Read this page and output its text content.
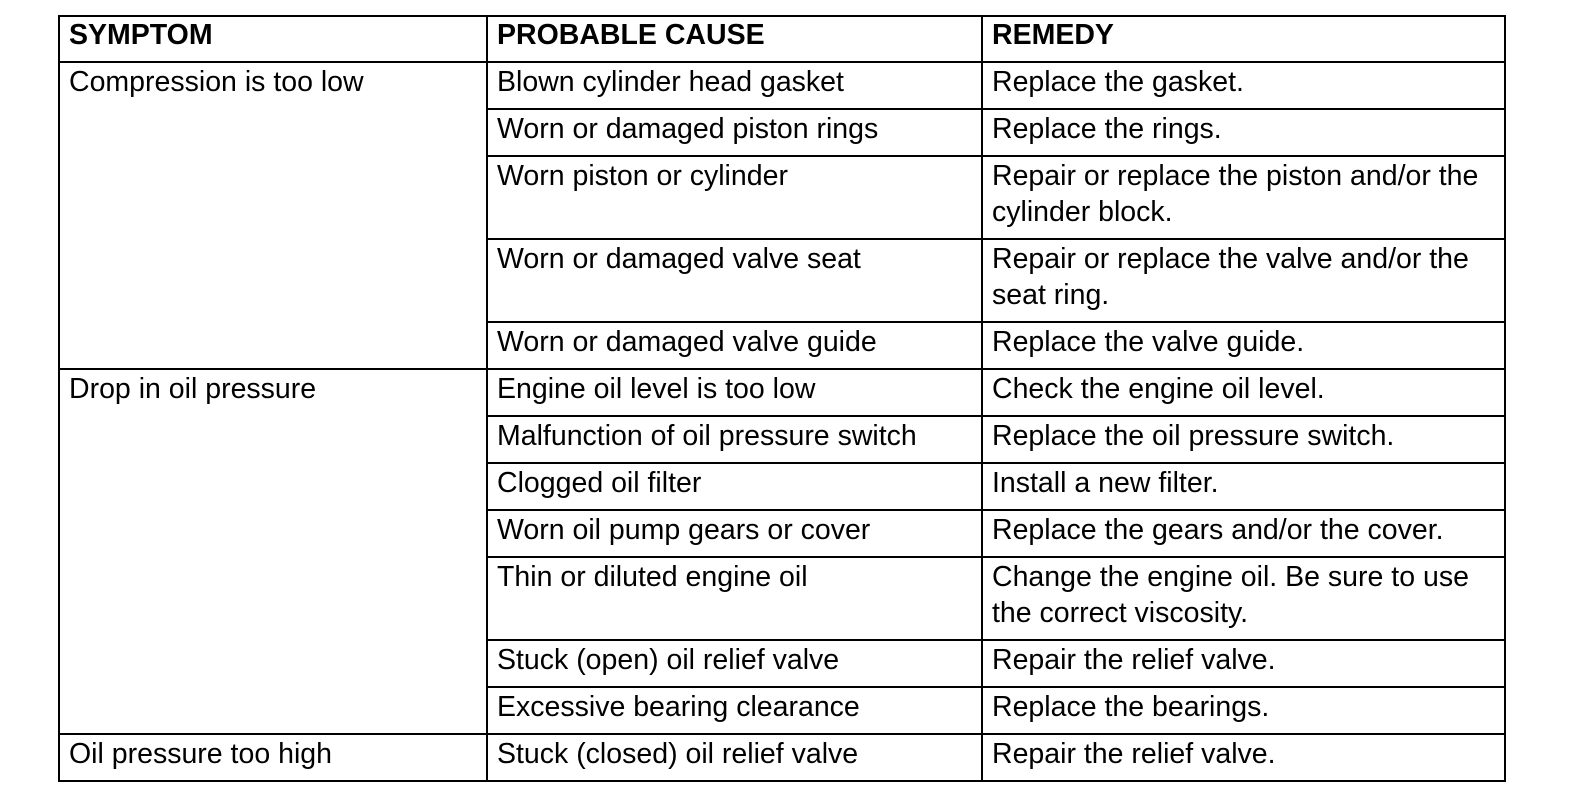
SYMPTOM	PROBABLE CAUSE	REMEDY
Compression is too low	Blown cylinder head gasket	Replace the gasket.
	Worn or damaged piston rings	Replace the rings.
	Worn piston or cylinder	Repair or replace the piston and/or the cylinder block.
	Worn or damaged valve seat	Repair or replace the valve and/or the seat ring.
	Worn or damaged valve guide	Replace the valve guide.
Drop in oil pressure	Engine oil level is too low	Check the engine oil level.
	Malfunction of oil pressure switch	Replace the oil pressure switch.
	Clogged oil filter	Install a new filter.
	Worn oil pump gears or cover	Replace the gears and/or the cover.
	Thin or diluted engine oil	Change the engine oil. Be sure to use the correct viscosity.
	Stuck (open) oil relief valve	Repair the relief valve.
	Excessive bearing clearance	Replace the bearings.
Oil pressure too high	Stuck (closed) oil relief valve	Repair the relief valve.
